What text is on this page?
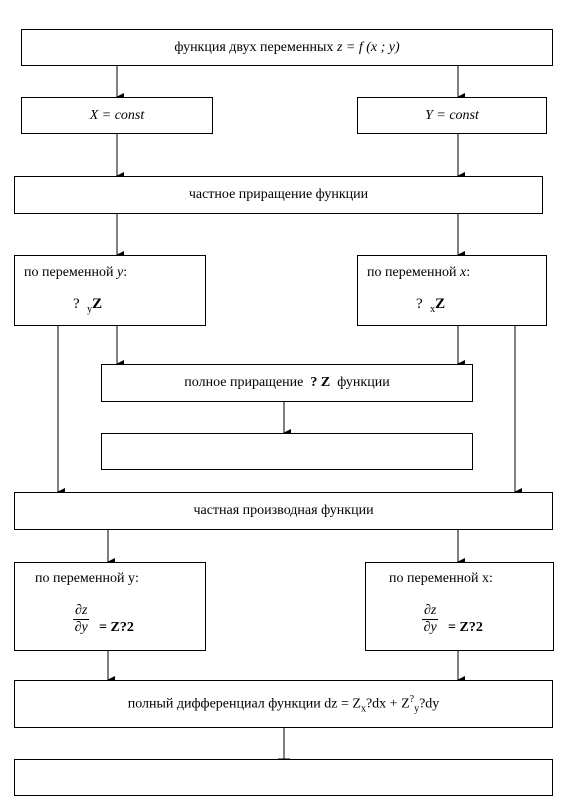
функция двух переменных
z = f (x ; y)
X = const	Y = const
частное приращение функции
по переменной y:
? $_y$Z
по переменной x:
? $_x$Z
полное приращение
? Z
функции
частная производная функции
по переменной y:
$\frac{\partial z}{\partial y}$ = Z?2
по переменной x:
$\frac{\partial z}{\partial y}$ = Z?2
полный дифференциал функции dz = $Z_x?dx$ + $Z^?_y?dy$
